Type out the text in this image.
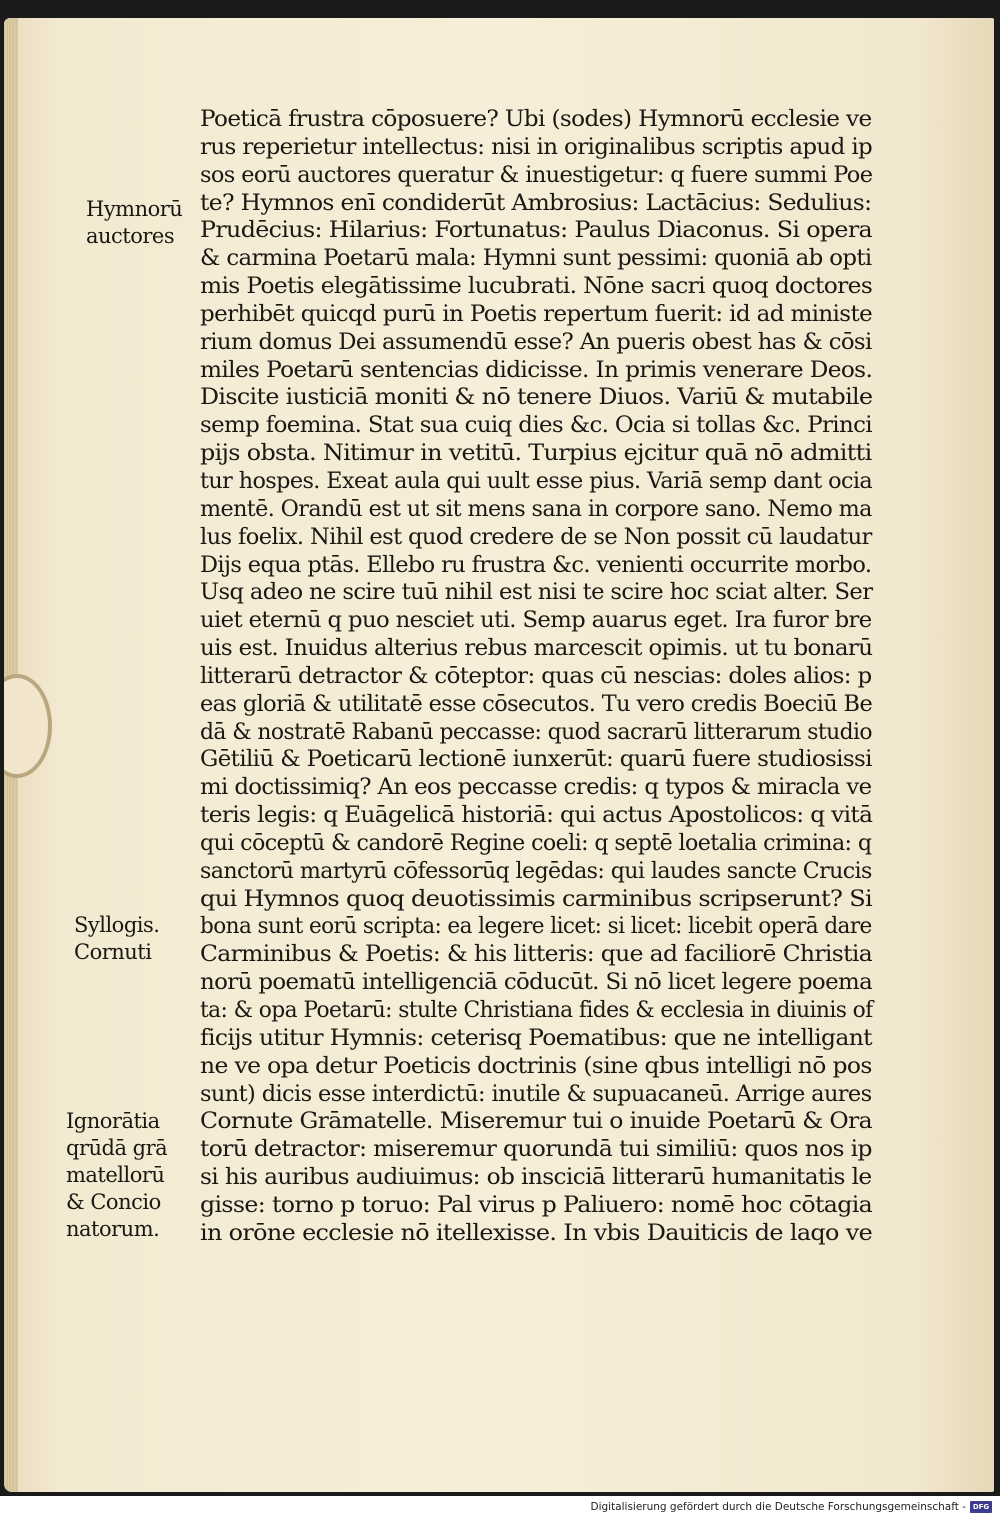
Hymnorū
auctores
Syllogis.
Cornuti
Ignorātia
qrūdā grā
matellorū
& Concio
natorum.
Poeticā frustra cōposuere? Ubi (sodes) Hymnorū ecclesie ve
rus reperietur intellectus: nisi in originalibus scriptis apud ip
sos eorū auctores queratur & inuestigetur: q fuere summi Poe
te? Hymnos enī condiderūt Ambrosius: Lactācius: Sedulius:
Prudēcius: Hilarius: Fortunatus: Paulus Diaconus. Si opera
& carmina Poetarū mala: Hymni sunt pessimi: quoniā ab opti
mis Poetis elegātissime lucubrati. Nōne sacri quoq doctores
perhibēt quicqd purū in Poetis repertum fuerit: id ad ministe
rium domus Dei assumendū esse? An pueris obest has & cōsi
miles Poetarū sentencias didicisse. In primis venerare Deos.
Discite iusticiā moniti & nō tenere Diuos. Variū & mutabile
semp foemina. Stat sua cuiq dies &c. Ocia si tollas &c. Princi
pijs obsta. Nitimur in vetitū. Turpius ejcitur quā nō admitti
tur hospes. Exeat aula qui uult esse pius. Variā semp dant ocia
mentē. Orandū est ut sit mens sana in corpore sano. Nemo ma
lus foelix. Nihil est quod credere de se Non possit cū laudatur
Dijs equa ptās. Ellebo ru frustra &c. venienti occurrite morbo.
Usq adeo ne scire tuū nihil est nisi te scire hoc sciat alter. Ser
uiet eternū q puo nesciet uti. Semp auarus eget. Ira furor bre
uis est. Inuidus alterius rebus marcescit opimis. ut tu bonarū
litterarū detractor & cōteptor: quas cū nescias: doles alios: p
eas gloriā & utilitatē esse cōsecutos. Tu vero credis Boeciū Be
dā & nostratē Rabanū peccasse: quod sacrarū litterarum studio
Gētiliū & Poeticarū lectionē iunxerūt: quarū fuere studiosissi
mi doctissimiq? An eos peccasse credis: q typos & miracla ve
teris legis: q Euāgelicā historiā: qui actus Apostolicos: q vitā
qui cōceptū & candorē Regine coeli: q septē loetalia crimina: q
sanctorū martyrū cōfessorūq legēdas: qui laudes sancte Crucis
qui Hymnos quoq deuotissimis carminibus scripserunt? Si
bona sunt eorū scripta: ea legere licet: si licet: licebit operā dare
Carminibus & Poetis: & his litteris: que ad faciliorē Christia
norū poematū intelligenciā cōducūt. Si nō licet legere poema
ta: & opa Poetarū: stulte Christiana fides & ecclesia in diuinis of
ficijs utitur Hymnis: ceterisq Poematibus: que ne intelligant
ne ve opa detur Poeticis doctrinis (sine qbus intelligi nō pos
sunt) dicis esse interdictū: inutile & supuacaneū. Arrige aures
Cornute Grāmatelle. Miseremur tui o inuide Poetarū & Ora
torū detractor: miseremur quorundā tui similiū: quos nos ip
si his auribus audiuimus: ob insciciā litterarū humanitatis le
gisse: torno p toruo: Pal virus p Paliuero: nomē hoc cōtagia
in orōne ecclesie nō itellexisse. In vbis Dauiticis de laqo ve
Digitalisierung gefördert durch die Deutsche Forschungsgemeinschaft - DFG
